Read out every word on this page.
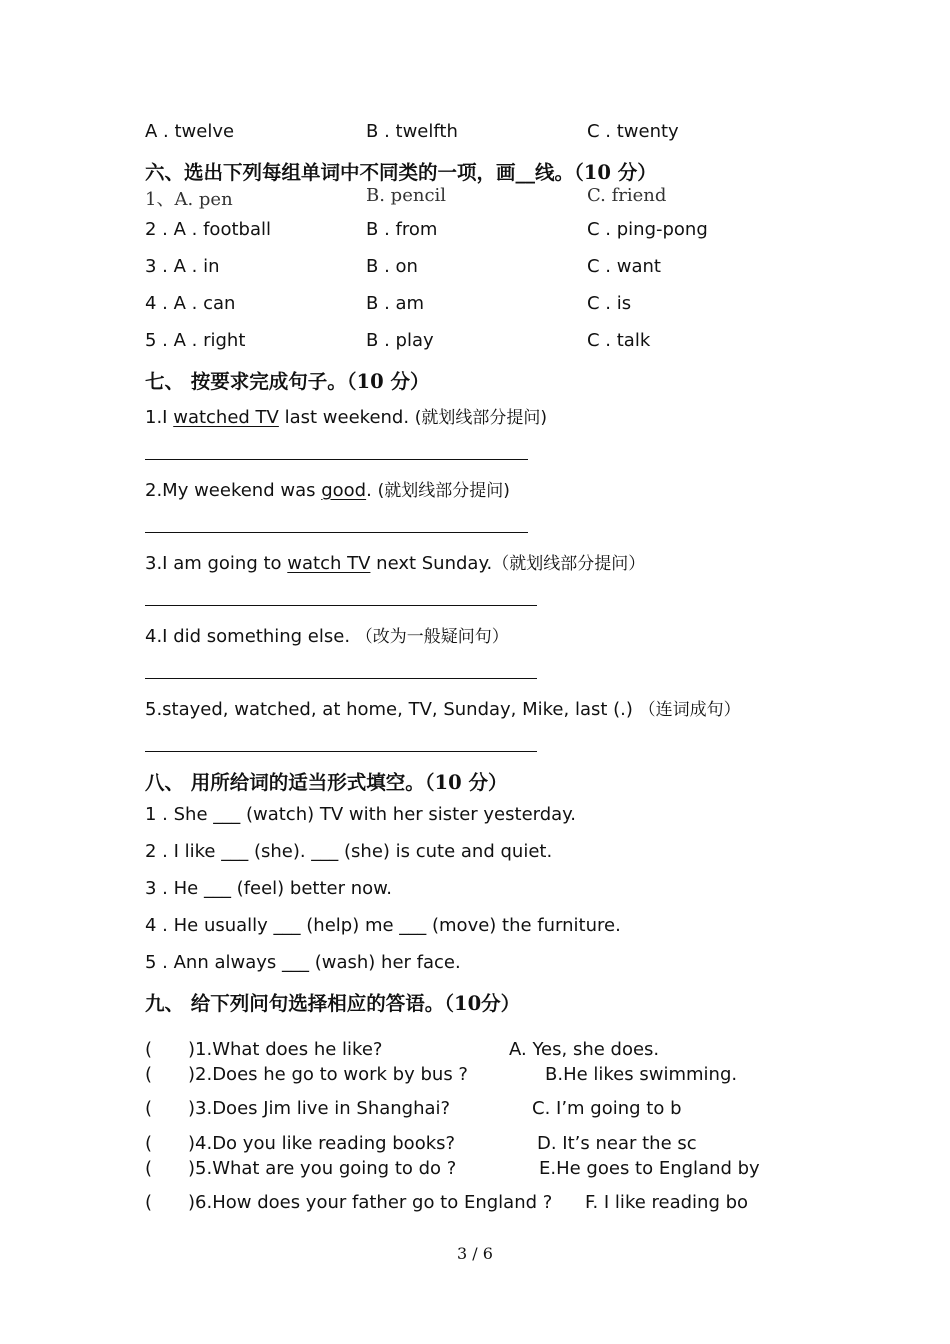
A . twelve	B . twelfth	C . twenty
六、选出下列每组单词中不同类的一项，画__线。（10 分）
1、A. pen	B. pencil	C. friend
2 . A . football	B . from	C . ping-pong
3 . A . in	B . on	C . want
4 . A . can	B . am	C . is
5 . A . right	B . play	C . talk
七、 按要求完成句子。（10 分）
1.I watched TV last weekend. (就划线部分提问)
2.My weekend was good. (就划线部分提问)
3.I am going to watch TV next Sunday.（就划线部分提问）
4.I did something else. （改为一般疑问句）
5.stayed, watched, at home, TV, Sunday, Mike, last (.) （连词成句）
八、 用所给词的适当形式填空。（10 分）
1 . She ___ (watch) TV with her sister yesterday.
2 . I like ___ (she). ___ (she) is cute and quiet.
3 . He ___ (feel) better now.
4 . He usually ___ (help) me ___ (move) the furniture.
5 . Ann always ___ (wash) her face.
九、 给下列问句选择相应的答语。（10分）
( )1.What does he like?	A. Yes, she does.
( )2.Does he go to work by bus ?	B.He likes swimming.
( )3.Does Jim live in Shanghai?	C. I’m going to b
( )4.Do you like reading books?	D. It’s near the sc
( )5.What are you going to do ?	E.He goes to England by
( )6.How does your father go to England ? F. I like reading bo
3 / 6
